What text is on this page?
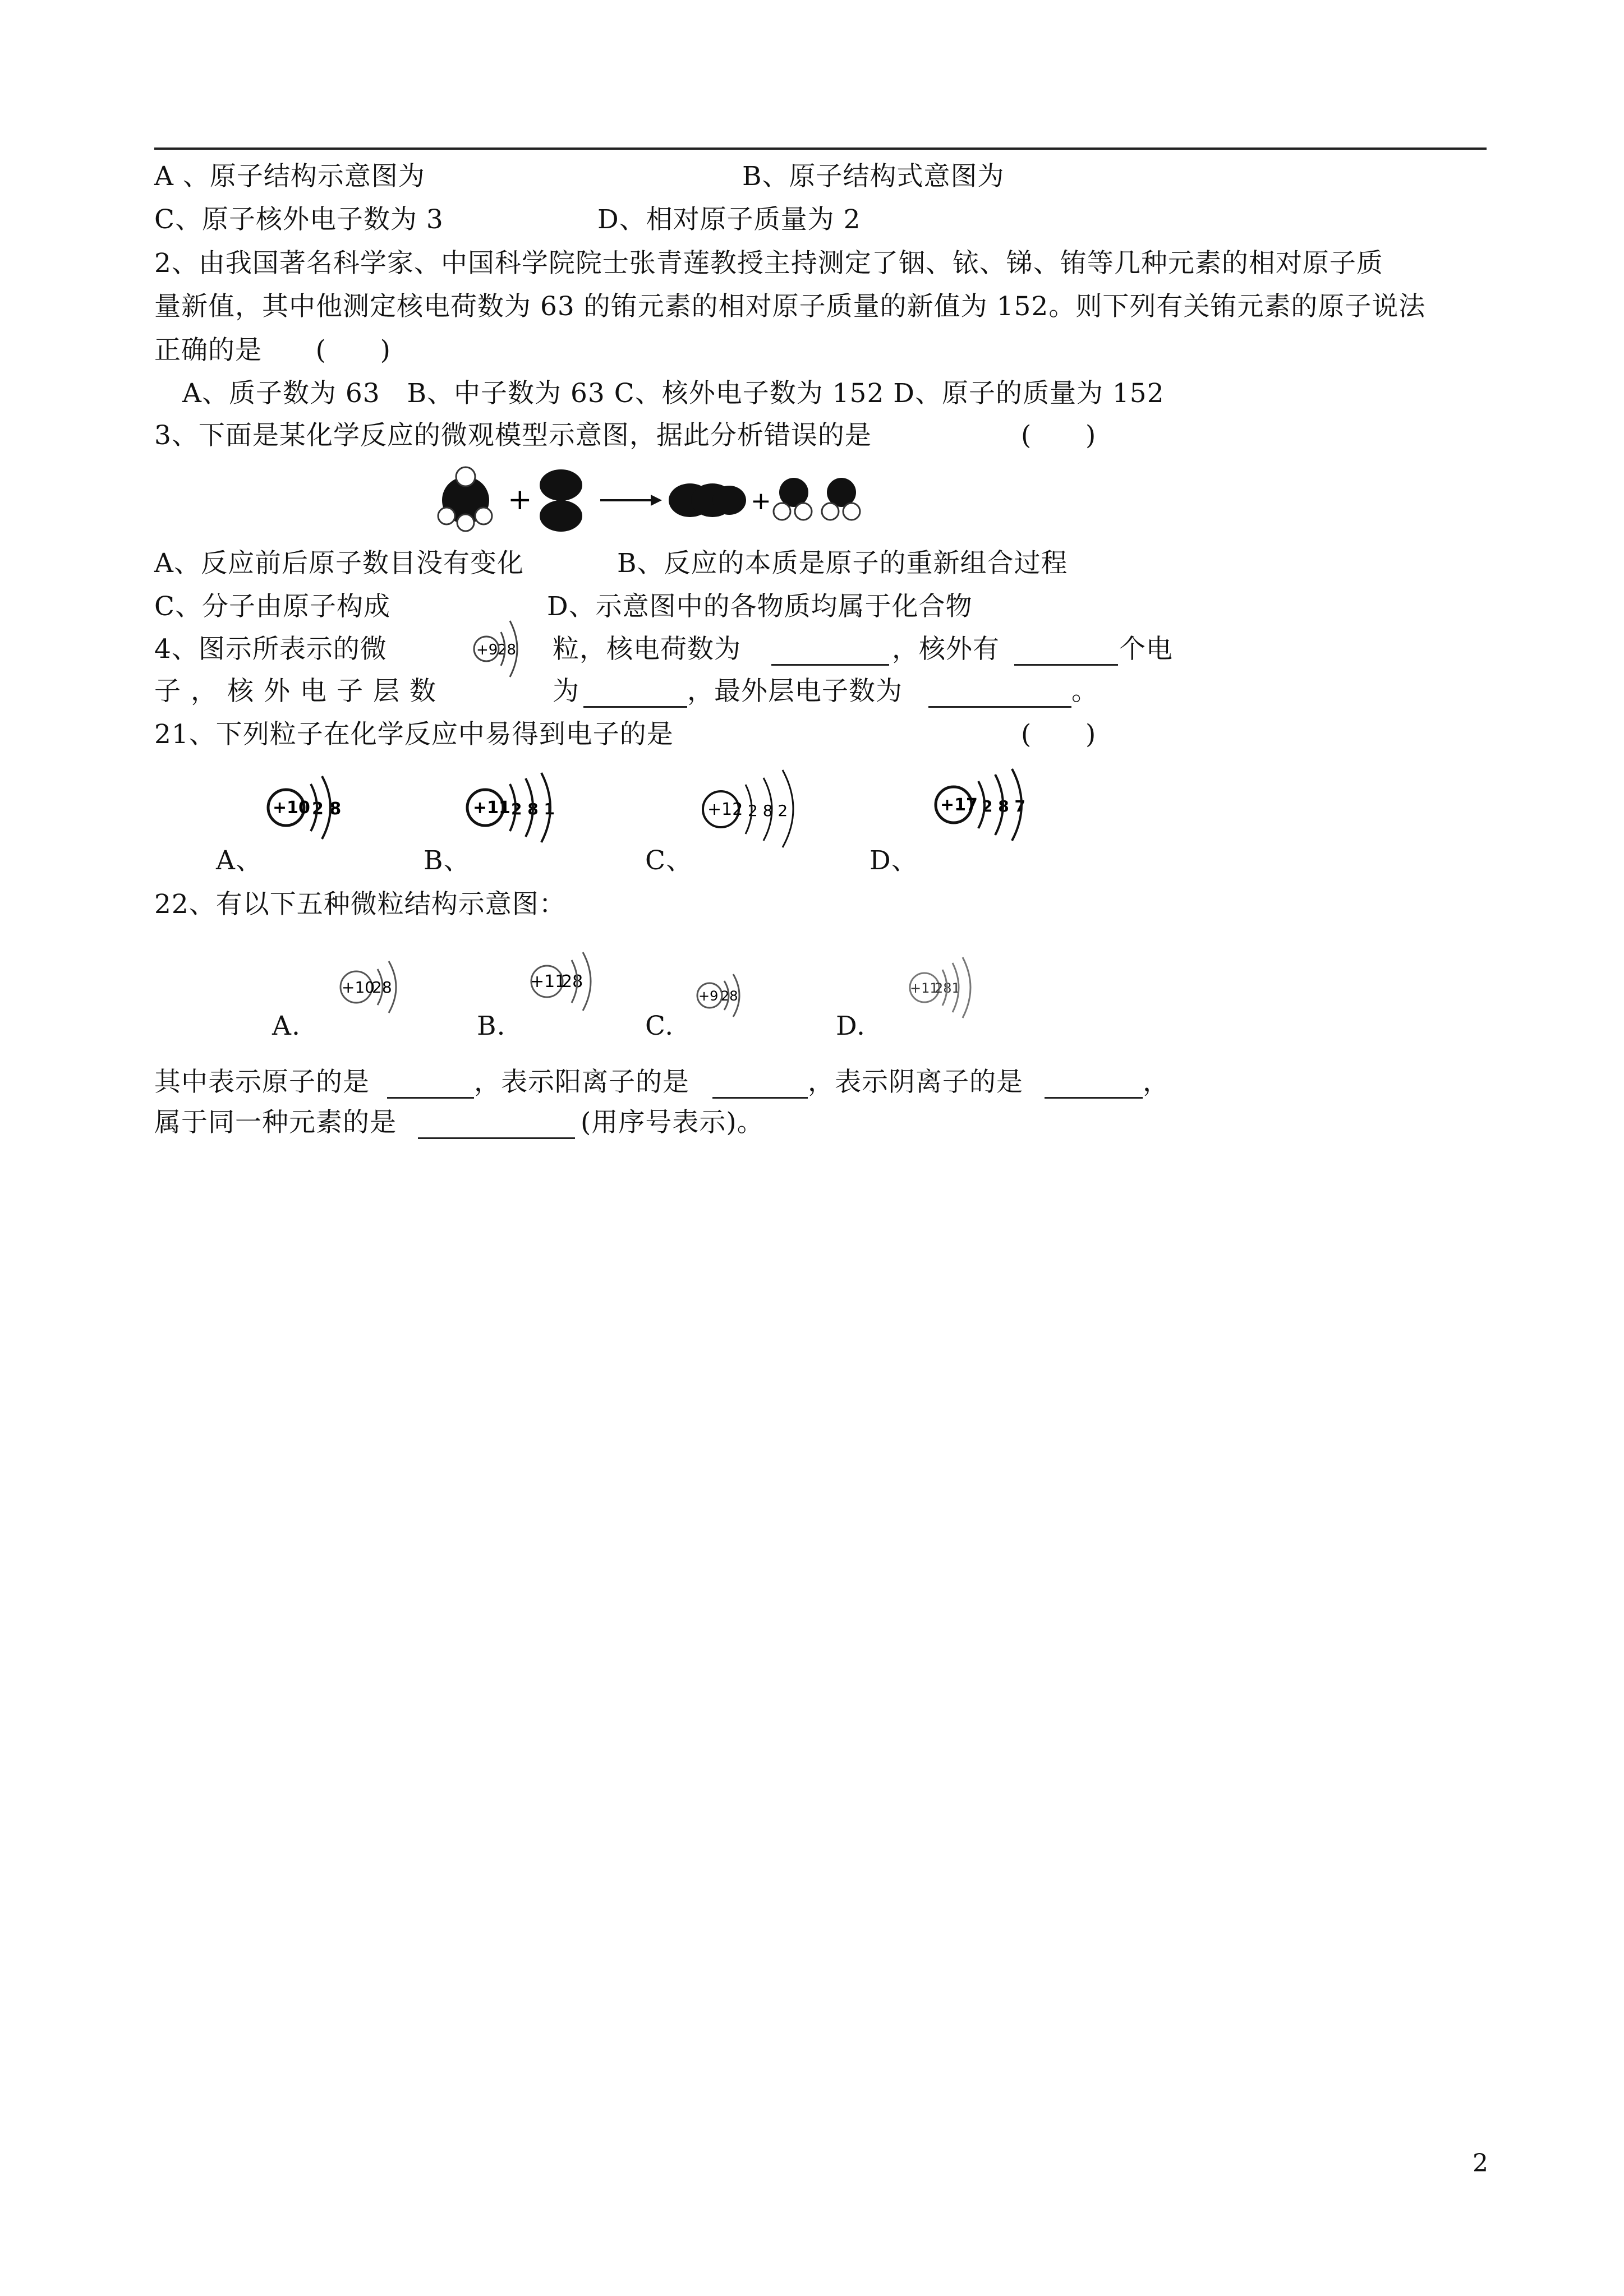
A 、原子结构示意图为	B、原子结构式意图为
C、原子核外电子数为 3	D、相对原子质量为 2
2、由我国著名科学家、中国科学院院士张青莲教授主持测定了铟、铱、锑、铕等几种元素的相对原子质
量新值，其中他测定核电荷数为 63 的铕元素的相对原子质量的新值为 152。则下列有关铕元素的原子说法
正确的是      (      )
A、质子数为 63   B、中子数为 63 C、核外电子数为 152 D、原子的质量为 152
3、下面是某化学反应的微观模型示意图，据此分析错误的是	(      )
+	+
A、反应前后原子数目没有变化	B、反应的本质是原子的重新组合过程
C、分子由原子构成	D、示意图中的各物质均属于化合物
4、图示所表示的微	+9 28 粒，核电荷数为	，核外有	个电
子，核外电子层数	为	，最外层电子数为	。
21、下列粒子在化学反应中易得到电子的是	(      )
+10 2 8
A、
+11 2 8 1
B、
+12 2 8 2
C、
+17 2 8 7
D、
22、有以下五种微粒结构示意图：
+10
28
A.
+11
28
B.
+9 28
C.
+11
281
D.
其中表示原子的是	，表示阳离子的是	，表示阴离子的是	，
属于同一种元素的是	(用序号表示)。
2
